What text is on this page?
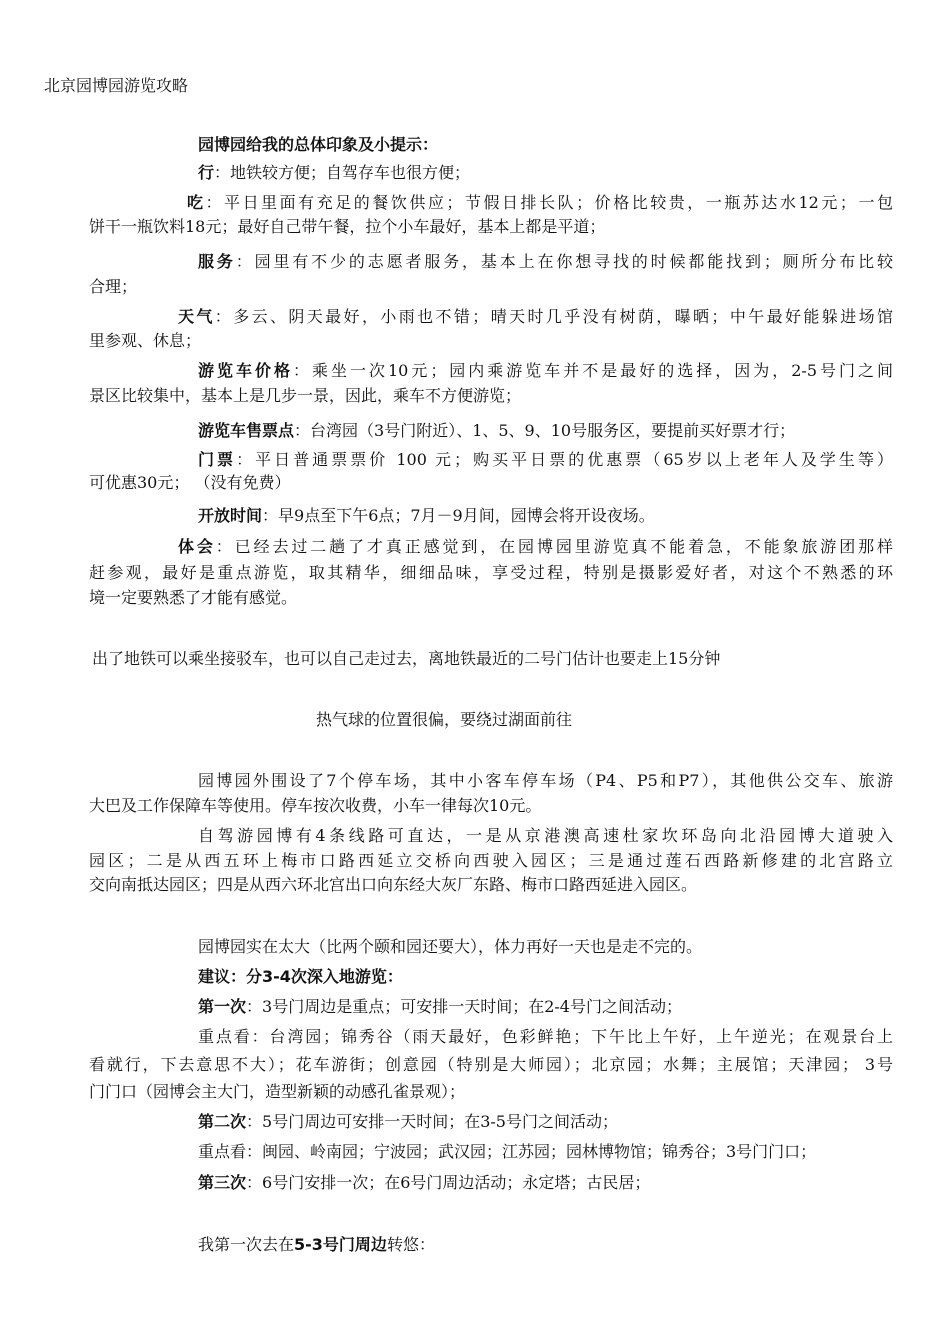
北京园博园游览攻略
园博园给我的总体印象及小提示：
行：地铁较方便；自驾存车也很方便；
吃：平日里面有充足的餐饮供应；节假日排长队；价格比较贵，一瓶苏达水12元；一包
饼干一瓶饮料18元；最好自己带午餐，拉个小车最好，基本上都是平道；
服务：园里有不少的志愿者服务，基本上在你想寻找的时候都能找到；厕所分布比较
合理；
天气：多云、阴天最好，小雨也不错；晴天时几乎没有树荫，曝晒；中午最好能躲进场馆
里参观、休息；
游览车价格：乘坐一次10元；园内乘游览车并不是最好的选择，因为，2-5号门之间
景区比较集中，基本上是几步一景，因此，乘车不方便游览；
游览车售票点：台湾园（3号门附近）、1、5、9、10号服务区，要提前买好票才行；
门票：平日普通票票价 100 元；购买平日票的优惠票（65岁以上老年人及学生等）
可优惠30元； （没有免费）
开放时间：早9点至下午6点；7月－9月间，园博会将开设夜场。
体会：已经去过二趟了才真正感觉到，在园博园里游览真不能着急，不能象旅游团那样
赶参观，最好是重点游览，取其精华，细细品味，享受过程，特别是摄影爱好者，对这个不熟悉的环
境一定要熟悉了才能有感觉。
出了地铁可以乘坐接驳车，也可以自己走过去，离地铁最近的二号门估计也要走上15分钟
热气球的位置很偏，要绕过湖面前往
园博园外围设了7个停车场，其中小客车停车场（P4、P5和P7），其他供公交车、旅游
大巴及工作保障车等使用。停车按次收费，小车一律每次10元。
自驾游园博有4条线路可直达，一是从京港澳高速杜家坎环岛向北沿园博大道驶入
园区；二是从西五环上梅市口路西延立交桥向西驶入园区；三是通过莲石西路新修建的北宫路立
交向南抵达园区；四是从西六环北宫出口向东经大灰厂东路、梅市口路西延进入园区。
园博园实在太大（比两个颐和园还要大），体力再好一天也是走不完的。
建议：分3-4次深入地游览：
第一次：3号门周边是重点；可安排一天时间；在2-4号门之间活动；
重点看：台湾园；锦秀谷（雨天最好，色彩鲜艳；下午比上午好，上午逆光；在观景台上
看就行，下去意思不大）；花车游街；创意园（特别是大师园）；北京园；水舞；主展馆；天津园； 3号
门门口（园博会主大门，造型新颖的动感孔雀景观）；
第二次：5号门周边可安排一天时间；在3-5号门之间活动；
重点看：闽园、岭南园；宁波园；武汉园；江苏园；园林博物馆；锦秀谷；3号门门口；
第三次：6号门安排一次；在6号门周边活动；永定塔；古民居；
我第一次去在5-3号门周边转悠：
